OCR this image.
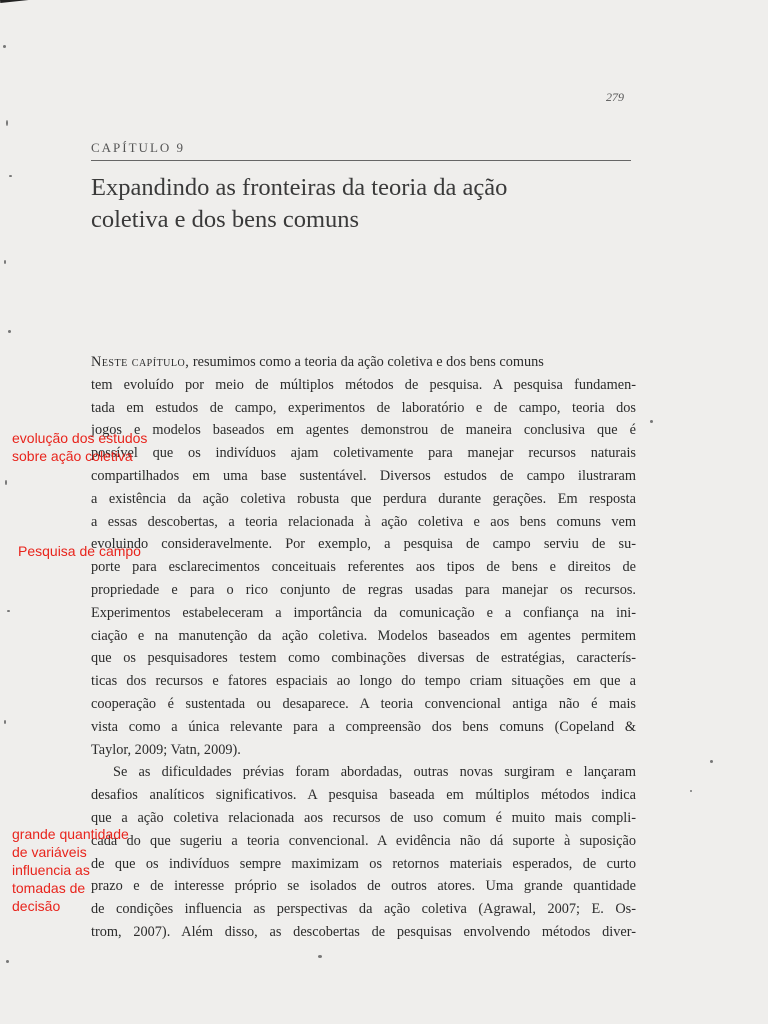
279
CAPÍTULO 9
Expandindo as fronteiras da teoria da ação
coletiva e dos bens comuns
Neste capítulo, resumimos como a teoria da ação coletiva e dos bens comuns
tem evoluído por meio de múltiplos métodos de pesquisa. A pesquisa fundamen-
tada em estudos de campo, experimentos de laboratório e de campo, teoria dos
jogos e modelos baseados em agentes demonstrou de maneira conclusiva que é
possível que os indivíduos ajam coletivamente para manejar recursos naturais
compartilhados em uma base sustentável. Diversos estudos de campo ilustraram
a existência da ação coletiva robusta que perdura durante gerações. Em resposta
a essas descobertas, a teoria relacionada à ação coletiva e aos bens comuns vem
evoluindo consideravelmente. Por exemplo, a pesquisa de campo serviu de su-
porte para esclarecimentos conceituais referentes aos tipos de bens e direitos de
propriedade e para o rico conjunto de regras usadas para manejar os recursos.
Experimentos estabeleceram a importância da comunicação e a confiança na ini-
ciação e na manutenção da ação coletiva. Modelos baseados em agentes permitem
que os pesquisadores testem como combinações diversas de estratégias, caracterís-
ticas dos recursos e fatores espaciais ao longo do tempo criam situações em que a
cooperação é sustentada ou desaparece. A teoria convencional antiga não é mais
vista como a única relevante para a compreensão dos bens comuns (Copeland &
Taylor, 2009; Vatn, 2009).
Se as dificuldades prévias foram abordadas, outras novas surgiram e lançaram
desafios analíticos significativos. A pesquisa baseada em múltiplos métodos indica
que a ação coletiva relacionada aos recursos de uso comum é muito mais compli-
cada do que sugeriu a teoria convencional. A evidência não dá suporte à suposição
de que os indivíduos sempre maximizam os retornos materiais esperados, de curto
prazo e de interesse próprio se isolados de outros atores. Uma grande quantidade
de condições influencia as perspectivas da ação coletiva (Agrawal, 2007; E. Os-
trom, 2007). Além disso, as descobertas de pesquisas envolvendo métodos diver-
evolução dos estudos
sobre ação coletiva
Pesquisa de campo
grande quantidade
de variáveis
influencia as
tomadas de
decisão
